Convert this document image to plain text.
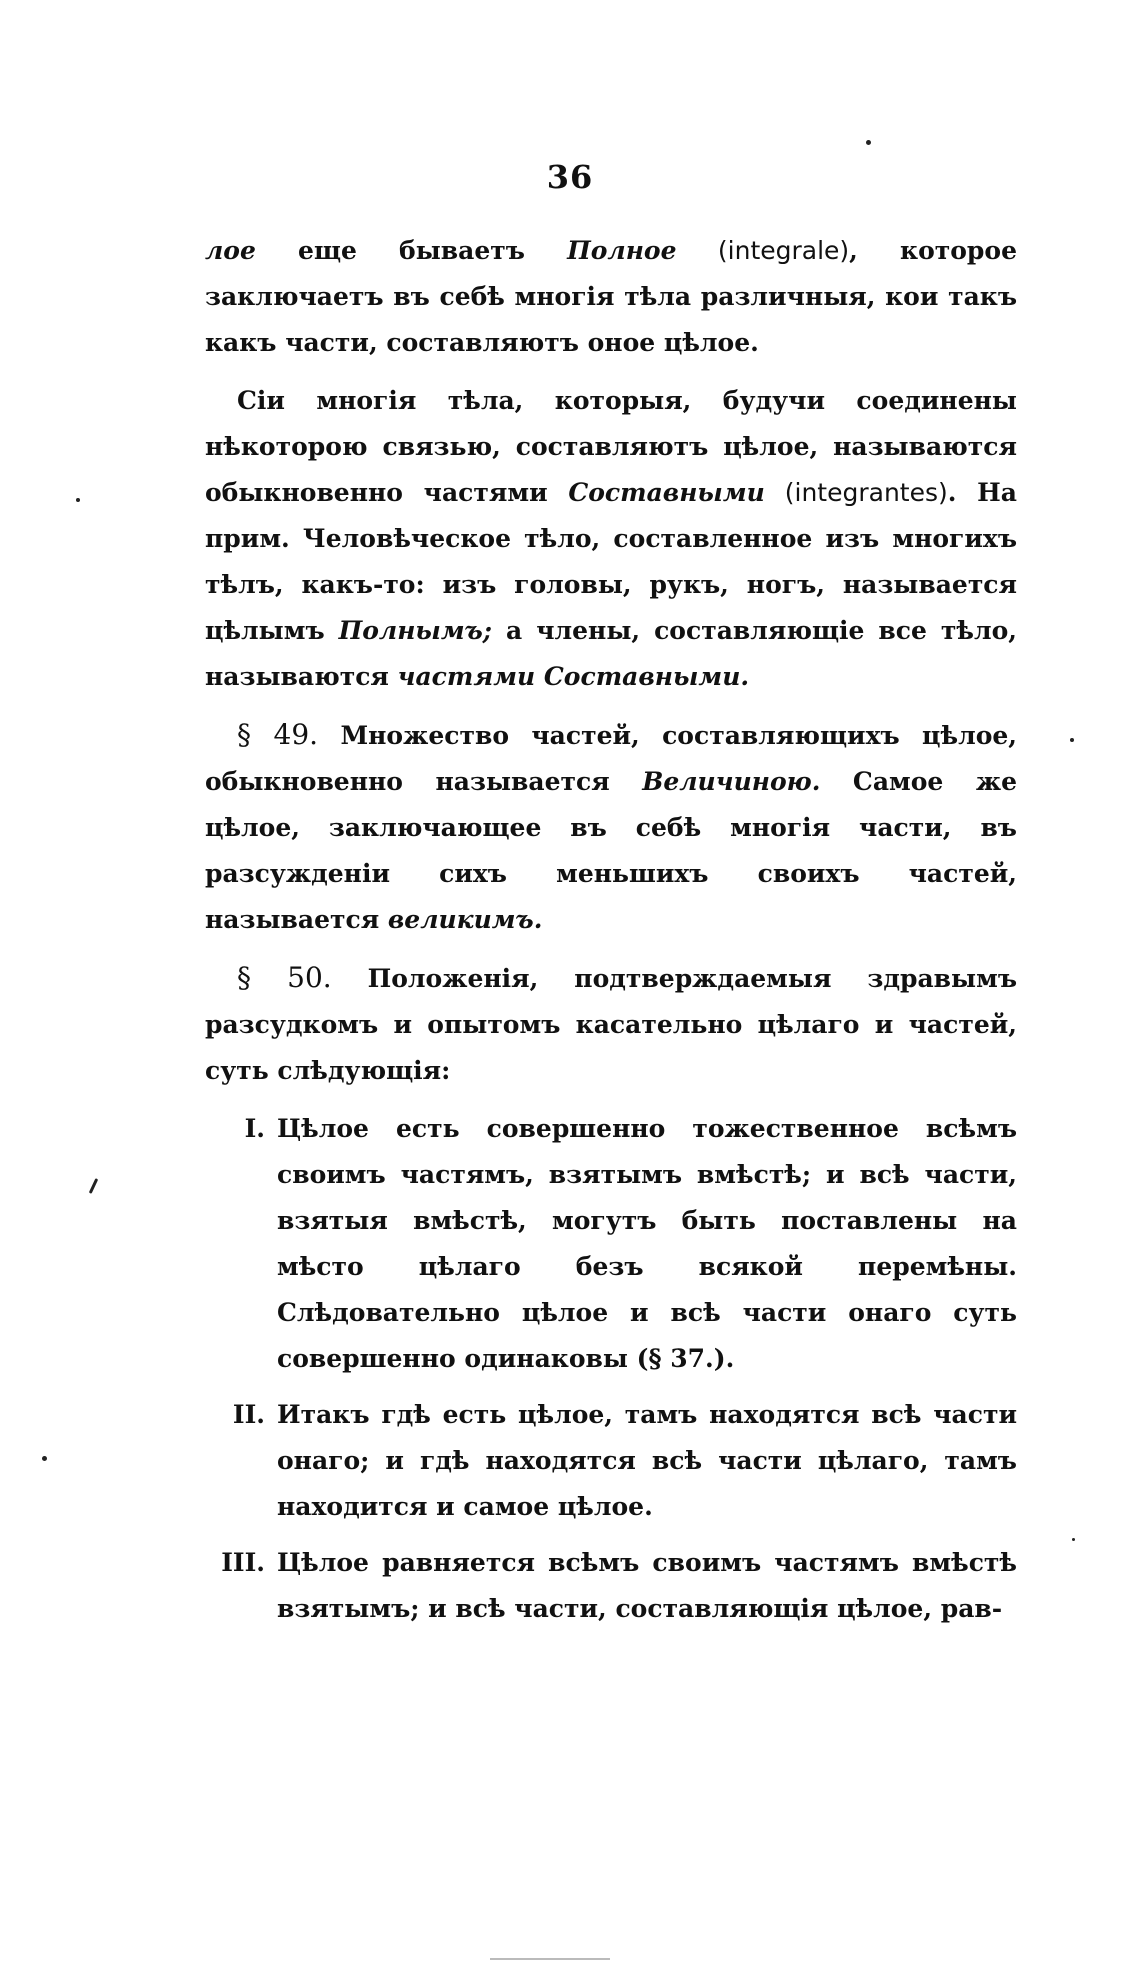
36

лое еще бываетъ Полное (integrale), которое заключаетъ въ себѣ многія тѣла различныя, кои такъ какъ части, составляютъ оное цѣлое.

Сіи многія тѣла, которыя, будучи соединены нѣкоторою связью, составляютъ цѣлое, называются обыкновенно частями Составными (integrantes). На прим. Человѣческое тѣло, составленное изъ многихъ тѣлъ, какъ-то: изъ головы, рукъ, ногъ, называется цѣлымъ Полнымъ; а члены, составляющіе все тѣло, называются частями Составными.

§ 49. Множество частей, составляющихъ цѣлое, обыкновенно называется Величиною. Самое же цѣлое, заключающее въ себѣ многія части, въ разсужденіи сихъ меньшихъ своихъ частей, называется великимъ.

§ 50. Положенія, подтверждаемыя здравымъ разсудкомъ и опытомъ касательно цѣлаго и частей, суть слѣдующія:

I. Цѣлое есть совершенно тожественное всѣмъ своимъ частямъ, взятымъ вмѣстѣ; и всѣ части, взятыя вмѣстѣ, могутъ быть поставлены на мѣсто цѣлаго безъ всякой перемѣны. Слѣдовательно цѣлое и всѣ части онаго суть совершенно одинаковы (§ 37.).
II. Итакъ гдѣ есть цѣлое, тамъ находятся всѣ части онаго; и гдѣ находятся всѣ части цѣлаго, тамъ находится и самое цѣлое.
III. Цѣлое равняется всѣмъ своимъ частямъ вмѣстѣ взятымъ; и всѣ части, составляющія цѣлое, рав-
